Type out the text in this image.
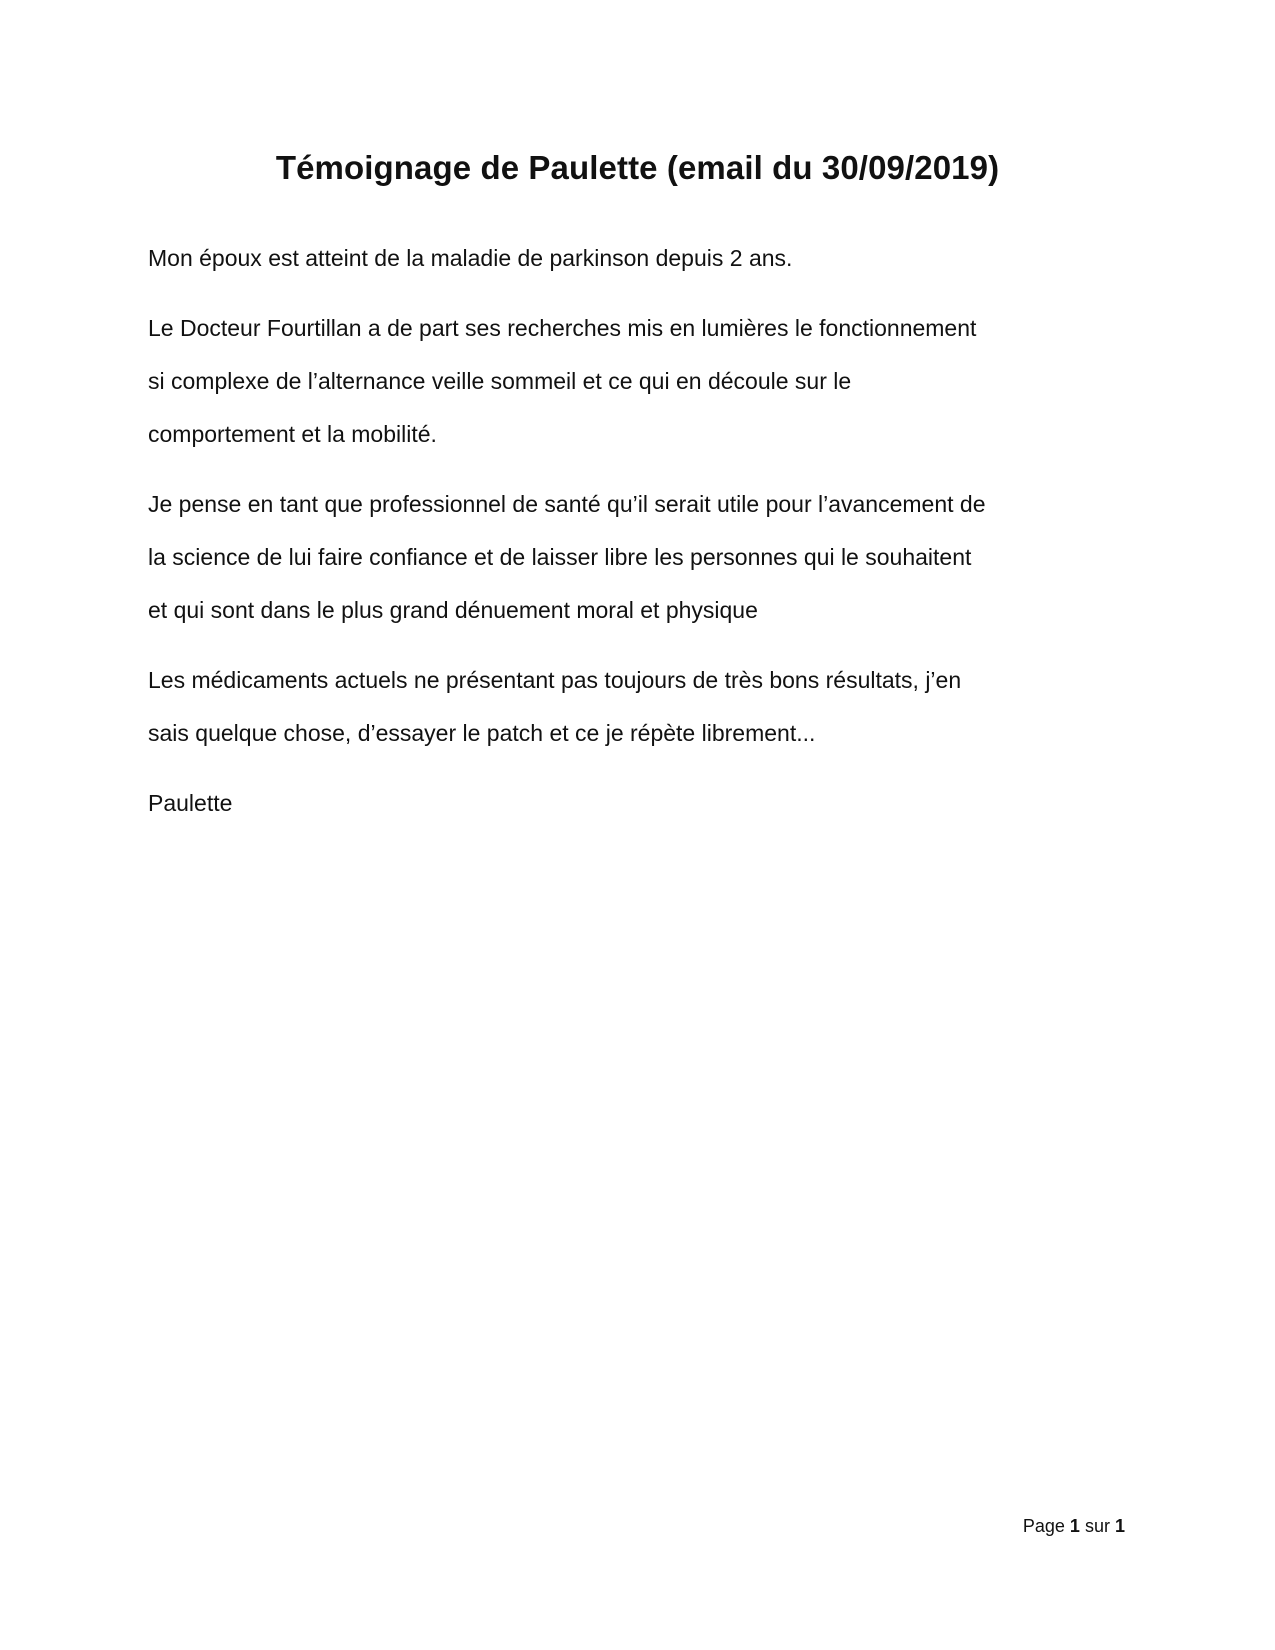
Témoignage de Paulette (email du 30/09/2019)

Mon époux est atteint de la maladie de parkinson depuis 2 ans.

Le Docteur Fourtillan a de part ses recherches mis en lumières le fonctionnement
si complexe de l’alternance veille sommeil et ce qui en découle sur le
comportement et la mobilité.

Je pense en tant que professionnel de santé qu’il serait utile pour l’avancement de
la science de lui faire confiance et de laisser libre les personnes qui le souhaitent
et qui sont dans le plus grand dénuement moral et physique

Les médicaments actuels ne présentant pas toujours de très bons résultats, j’en
sais quelque chose, d’essayer le patch et ce je répète librement...

Paulette

Page 1 sur 1
